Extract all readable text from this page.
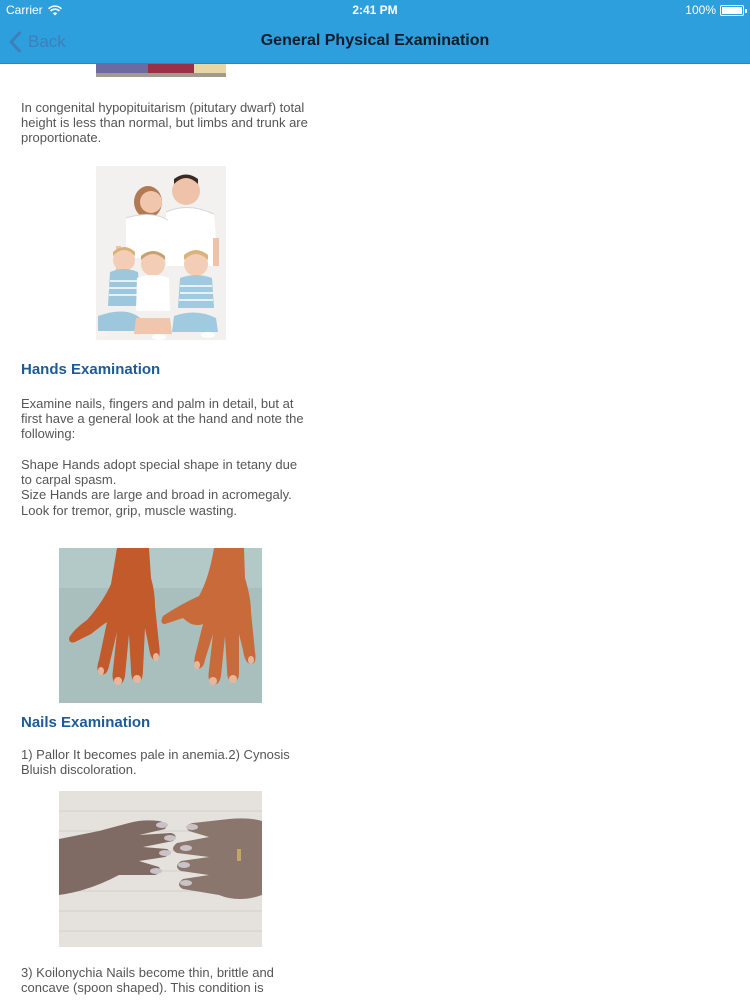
Carrier	2:41 PM	100%
Back	General Physical Examination

In congenital hypopituitarism (pitutary dwarf) total height is less than normal, but limbs and trunk are proportionate.

Hands Examination

Examine nails, fingers and palm in detail, but at first have a general look at the hand and note the following:

Shape Hands adopt special shape in tetany due to carpal spasm.
Size Hands are large and broad in acromegaly.
Look for tremor, grip, muscle wasting.

Nails Examination

1) Pallor It becomes pale in anemia.2) Cynosis Bluish discoloration.

3) Koilonychia Nails become thin, brittle and concave (spoon shaped). This condition is
